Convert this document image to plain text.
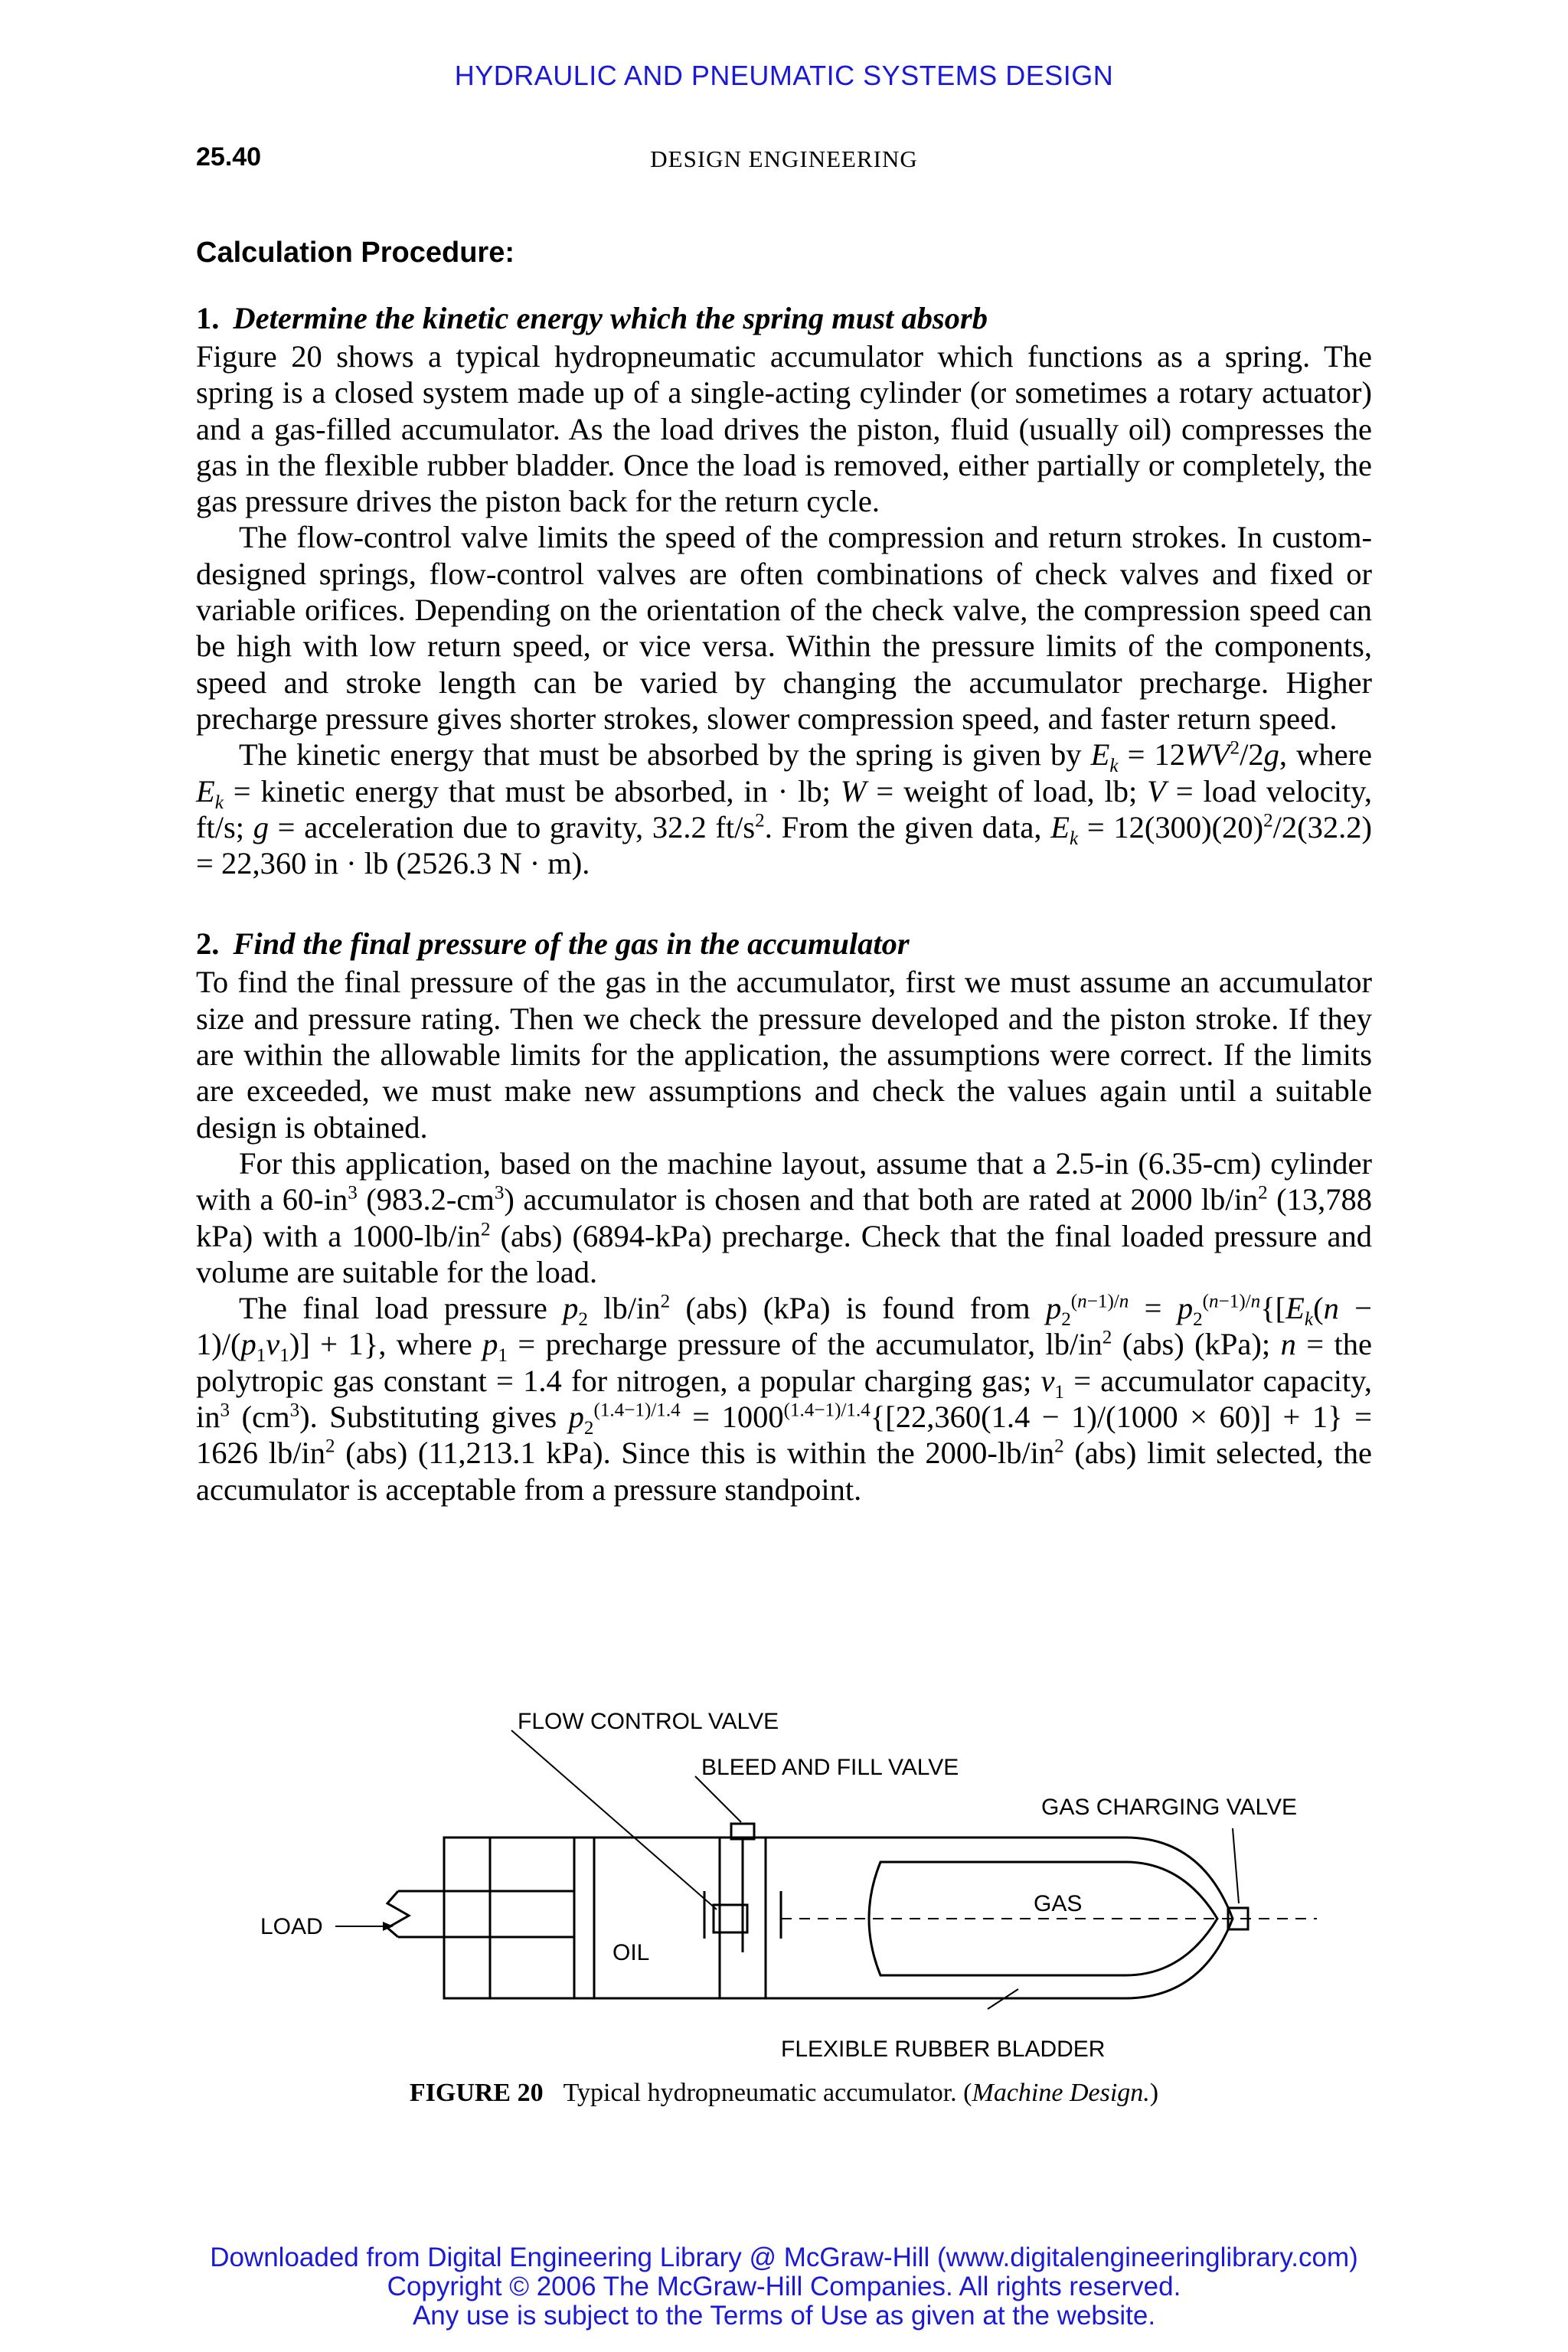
HYDRAULIC AND PNEUMATIC SYSTEMS DESIGN
25.40	DESIGN ENGINEERING
Calculation Procedure:
1. Determine the kinetic energy which the spring must absorb

Figure 20 shows a typical hydropneumatic accumulator which functions as a spring. The spring is a closed system made up of a single-acting cylinder (or sometimes a rotary actuator) and a gas-filled accumulator. As the load drives the piston, fluid (usually oil) compresses the gas in the flexible rubber bladder. Once the load is removed, either partially or completely, the gas pressure drives the piston back for the return cycle.

The flow-control valve limits the speed of the compression and return strokes. In custom-designed springs, flow-control valves are often combinations of check valves and fixed or variable orifices. Depending on the orientation of the check valve, the compression speed can be high with low return speed, or vice versa. Within the pressure limits of the components, speed and stroke length can be varied by changing the accumulator precharge. Higher precharge pressure gives shorter strokes, slower compression speed, and faster return speed.

The kinetic energy that must be absorbed by the spring is given by $E_k = 12WV^2/2g$, where $E_k$ = kinetic energy that must be absorbed, in · lb; W = weight of load, lb; V = load velocity, ft/s; g = acceleration due to gravity, 32.2 $ft/s^2$. From the given data, $E_k = 12(300)(20)^2/2(32.2) = 22,360$ in · lb (2526.3 N · m).

2. Find the final pressure of the gas in the accumulator

To find the final pressure of the gas in the accumulator, first we must assume an accumulator size and pressure rating. Then we check the pressure developed and the piston stroke. If they are within the allowable limits for the application, the assumptions were correct. If the limits are exceeded, we must make new assumptions and check the values again until a suitable design is obtained.

For this application, based on the machine layout, assume that a 2.5-in (6.35-cm) cylinder with a $60-in^3$ $(983.2-cm^3)$ accumulator is chosen and that both are rated at 2000 $lb/in^2$ (13,788 kPa) with a $1000-lb/in^2$ (abs) (6894-kPa) precharge. Check that the final loaded pressure and volume are suitable for the load.

The final load pressure $p_2$ $lb/in^2$ (abs) (kPa) is found from $p_2^{(n-1)/n} = p_2^{(n-1)/n}\{[E_k(n - 1)/(p_1v_1)] + 1\}$, where $p_1$ = precharge pressure of the accumulator, $lb/in^2$ (abs) (kPa); n = the polytropic gas constant = 1.4 for nitrogen, a popular charging gas; $v_1$ = accumulator capacity, $in^3$ $(cm^3)$. Substituting gives $p_2^{(1.4-1)/1.4} = 1000^{(1.4-1)/1.4}\{[22,360(1.4 - 1)/(1000 \times 60)] + 1\} = 1626$ $lb/in^2$ (abs) (11,213.1 kPa). Since this is within the $2000-lb/in^2$ (abs) limit selected, the accumulator is acceptable from a pressure standpoint.

FLOW CONTROL VALVE
BLEED AND FILL VALVE
GAS CHARGING VALVE
GAS
LOAD
OIL
FLEXIBLE RUBBER BLADDER
FIGURE 20 Typical hydropneumatic accumulator. (Machine Design.)
Downloaded from Digital Engineering Library @ McGraw-Hill (www.digitalengineeringlibrary.com)
Copyright © 2006 The McGraw-Hill Companies. All rights reserved.
Any use is subject to the Terms of Use as given at the website.
